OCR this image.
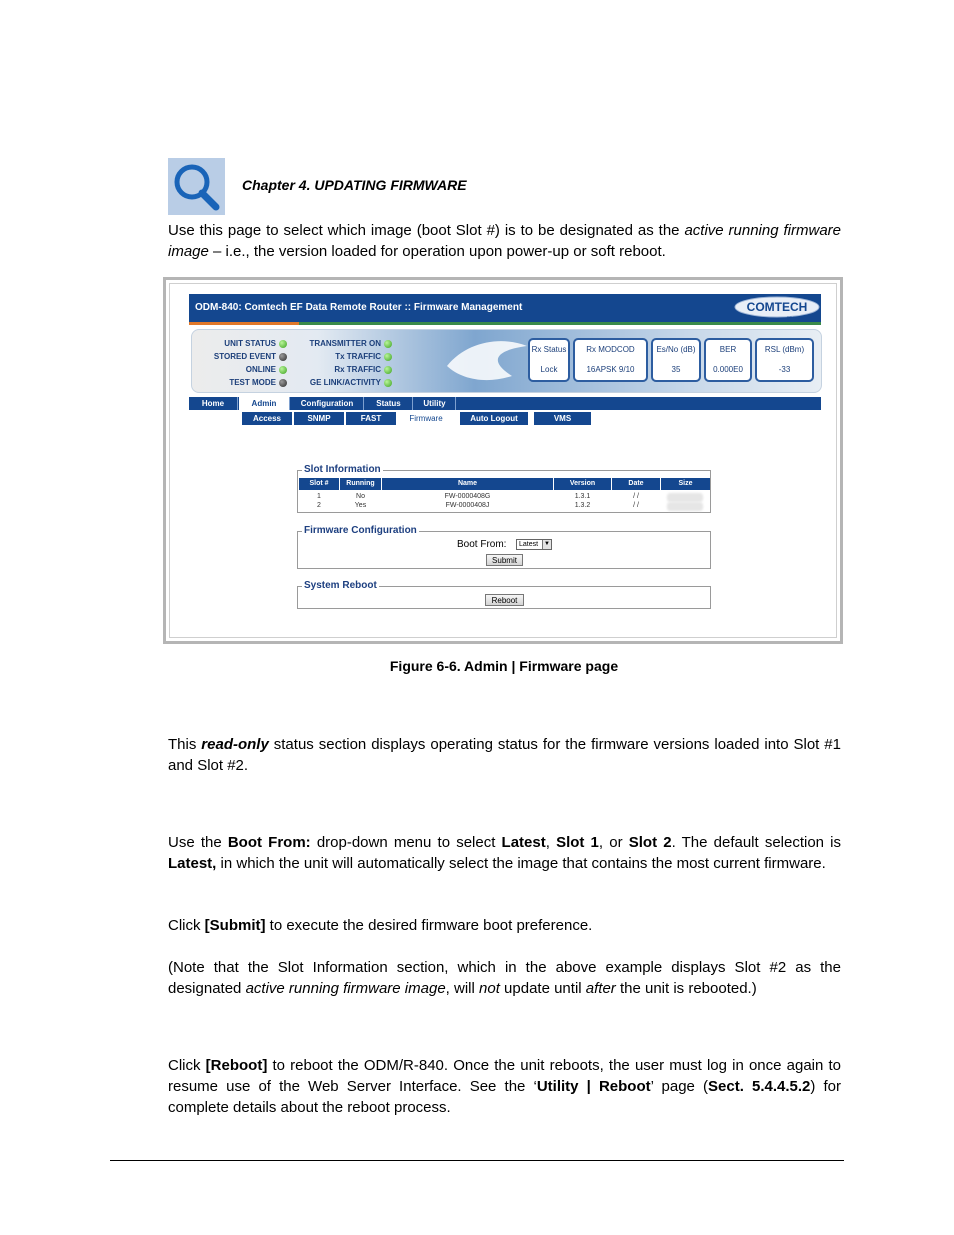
Chapter 4. UPDATING FIRMWARE
Use this page to select which image (boot Slot #) is to be designated as the active running firmware image – i.e., the version loaded for operation upon power-up or soft reboot.
ODM-840: Comtech EF Data Remote Router :: Firmware Management	COMTECH
EF DATA
UNIT STATUS
STORED EVENT
ONLINE
TEST MODE
TRANSMITTER ON
Tx TRAFFIC
Rx TRAFFIC
GE LINK/ACTIVITY
Rx Status
Lock
Rx MODCOD
16APSK 9/10
Es/No (dB)
35
BER
0.000E0
RSL (dBm)
-33
Home	Admin	Configuration	Status	Utility
Access	SNMP	FAST	Firmware	Auto Logout	VMS
Slot Information
Slot #	Running	Name	Version	Date	Size
1	No	FW-0000408G	1.3.1	/ /
2	Yes	FW-0000408J	1.3.2	/ /
Firmware Configuration
Boot From:	Latest ▼
Submit
System Reboot
Reboot
Figure 6-6. Admin | Firmware page
This read-only status section displays operating status for the firmware versions loaded into Slot #1 and Slot #2.
Use the Boot From: drop-down menu to select Latest, Slot 1, or Slot 2. The default selection is Latest, in which the unit will automatically select the image that contains the most current firmware.
Click [Submit] to execute the desired firmware boot preference.
(Note that the Slot Information section, which in the above example displays Slot #2 as the designated active running firmware image, will not update until after the unit is rebooted.)
Click [Reboot] to reboot the ODM/R-840. Once the unit reboots, the user must log in once again to resume use of the Web Server Interface. See the ‘Utility | Reboot’ page (Sect. 5.4.4.5.2) for complete details about the reboot process.
